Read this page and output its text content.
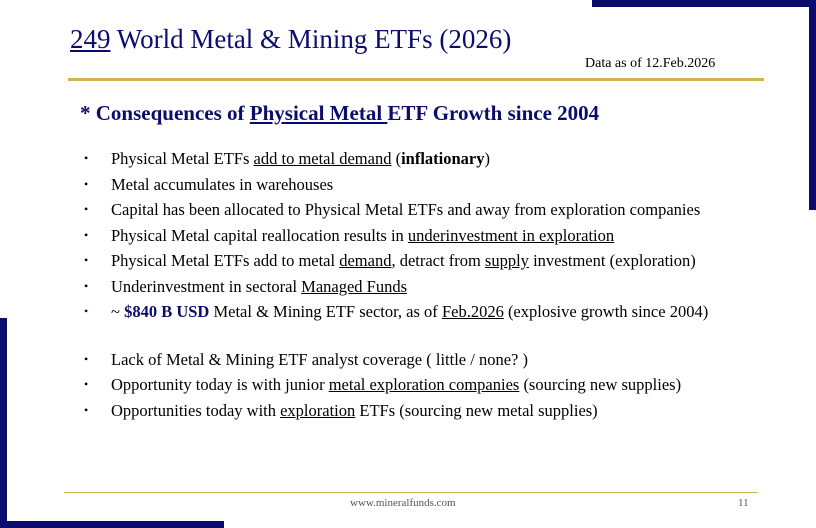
249 World Metal & Mining ETFs (2026)
Data as of 12.Feb.2026
* Consequences of Physical Metal ETF Growth since 2004
• Physical Metal ETFs add to metal demand (inflationary)
• Metal accumulates in warehouses
• Capital has been allocated to Physical Metal ETFs and away from exploration companies
• Physical Metal capital reallocation results in underinvestment in exploration
• Physical Metal ETFs add to metal demand, detract from supply investment (exploration)
• Underinvestment in sectoral Managed Funds
• ~ $840 B USD Metal & Mining ETF sector, as of Feb.2026 (explosive growth since 2004)
• Lack of Metal & Mining ETF analyst coverage ( little / none? )
• Opportunity today is with junior metal exploration companies (sourcing new supplies)
• Opportunities today with exploration ETFs (sourcing new metal supplies)
www.mineralfunds.com	11
